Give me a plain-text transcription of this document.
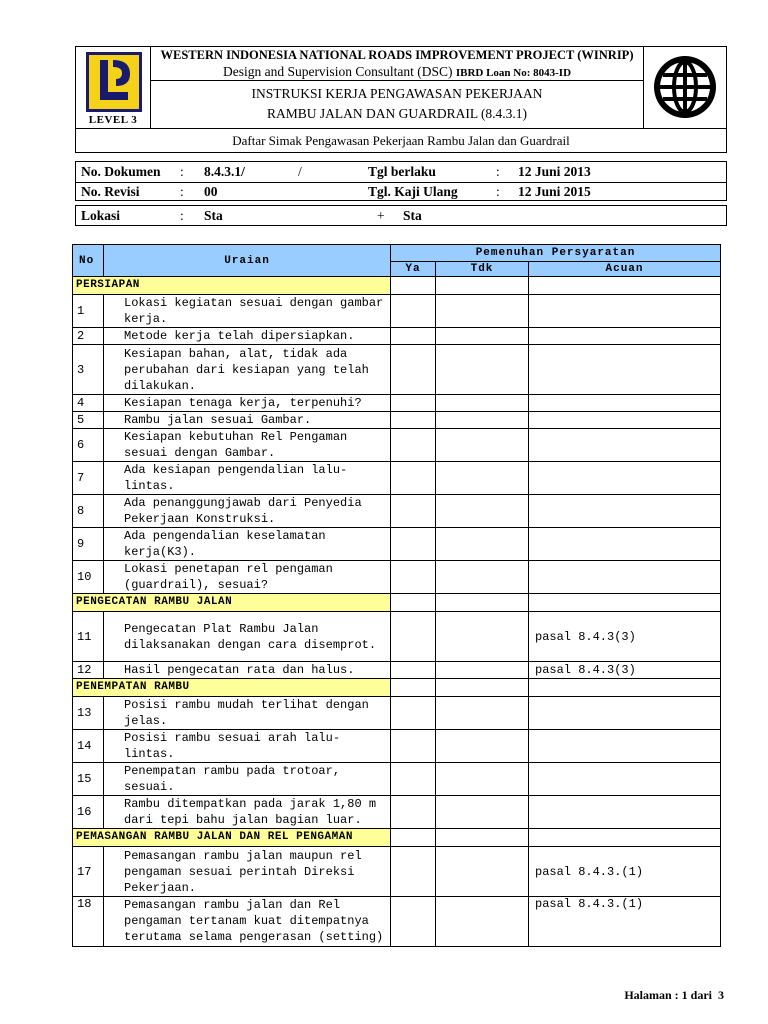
LEVEL 3
WESTERN INDONESIA NATIONAL ROADS IMPROVEMENT PROJECT (WINRIP)
Design and Supervision Consultant (DSC) IBRD Loan No: 8043-ID
INSTRUKSI KERJA PENGAWASAN PEKERJAAN
RAMBU JALAN DAN GUARDRAIL (8.4.3.1)
Daftar Simak Pengawasan Pekerjaan Rambu Jalan dan Guardrail
No. Dokumen : 8.4.3.1/	/	Tgl berlaku	: 12 Juni 2013
No. Revisi	: 00	Tgl. Kaji Ulang	: 12 Juni 2015
Lokasi	: Sta	+ Sta
No	Uraian	Pemenuhan Persyaratan		
		Ya	Tdk	Acuan
PERSIAPAN				
1	Lokasi kegiatan sesuai dengan gambar kerja.			
2	Metode kerja telah dipersiapkan.			
3	Kesiapan bahan, alat, tidak ada perubahan dari kesiapan yang telah dilakukan.			
4	Kesiapan tenaga kerja, terpenuhi?			
5	Rambu jalan sesuai Gambar.			
6	Kesiapan kebutuhan Rel Pengaman sesuai dengan Gambar.			
7	Ada kesiapan pengendalian lalu-lintas.			
8	Ada penanggungjawab dari Penyedia Pekerjaan Konstruksi.			
9	Ada pengendalian keselamatan kerja(K3).			
10	Lokasi penetapan rel pengaman (guardrail), sesuai?			
PENGECATAN RAMBU JALAN				
11	Pengecatan Plat Rambu Jalan dilaksanakan dengan cara disemprot.			pasal 8.4.3(3)
12	Hasil pengecatan rata dan halus.			pasal 8.4.3(3)
PENEMPATAN RAMBU				
13	Posisi rambu mudah terlihat dengan jelas.			
14	Posisi rambu sesuai arah lalu-lintas.			
15	Penempatan rambu pada trotoar, sesuai.			
16	Rambu ditempatkan pada jarak 1,80 m dari tepi bahu jalan bagian luar.			
PEMASANGAN RAMBU JALAN DAN REL PENGAMAN				
17	Pemasangan rambu jalan maupun rel pengaman sesuai perintah Direksi Pekerjaan.			pasal 8.4.3.(1)
18	Pemasangan rambu jalan dan Rel pengaman tertanam kuat ditempatnya terutama selama pengerasan (setting)			pasal 8.4.3.(1)
Halaman : 1 dari  3
